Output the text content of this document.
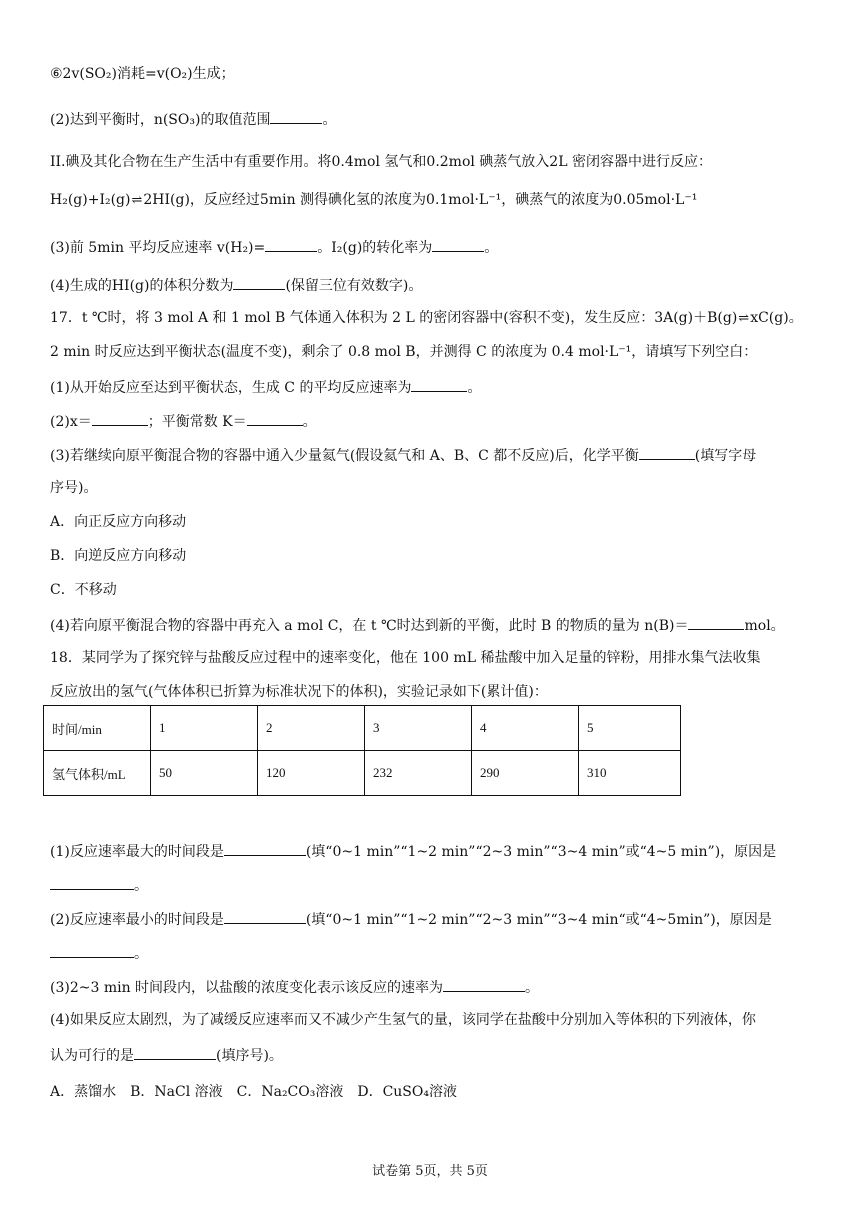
⑥2v(SO₂)消耗=v(O₂)生成；
(2)达到平衡时，n(SO₃)的取值范围	。
II.碘及其化合物在生产生活中有重要作用。将0.4mol 氢气和0.2mol 碘蒸气放入2L 密闭容器中进行反应：
H₂(g)+I₂(g)⇌2HI(g)，反应经过5min 测得碘化氢的浓度为0.1mol·L⁻¹，碘蒸气的浓度为0.05mol·L⁻¹
(3)前 5min 平均反应速率 v(H₂)=	。I₂(g)的转化率为	。
(4)生成的HI(g)的体积分数为	(保留三位有效数字)。
17．t ℃时，将 3 mol A 和 1 mol B 气体通入体积为 2 L 的密闭容器中(容积不变)，发生反应：3A(g)＋B(g)⇌xC(g)。
2 min 时反应达到平衡状态(温度不变)，剩余了 0.8 mol B，并测得 C 的浓度为 0.4 mol·L⁻¹，请填写下列空白：
(1)从开始反应至达到平衡状态，生成 C 的平均反应速率为	。
(2)x＝	；平衡常数 K＝	。
(3)若继续向原平衡混合物的容器中通入少量氦气(假设氦气和 A、B、C 都不反应)后，化学平衡	(填写字母
序号)。
A．向正反应方向移动
B．向逆反应方向移动
C．不移动
(4)若向原平衡混合物的容器中再充入 a mol C，在 t ℃时达到新的平衡，此时 B 的物质的量为 n(B)＝	mol。
18．某同学为了探究锌与盐酸反应过程中的速率变化，他在 100 mL 稀盐酸中加入足量的锌粉，用排水集气法收集
反应放出的氢气(气体体积已折算为标准状况下的体积)，实验记录如下(累计值)：
时间/min	1	2	3	4	5
氢气体积/mL	50	120	232	290	310
(1)反应速率最大的时间段是	(填“0~1 min”“1~2 min”“2~3 min”“3~4 min”或“4~5 min”)，原因是
。
(2)反应速率最小的时间段是	(填“0~1 min”“1~2 min”“2~3 min”“3~4 min“或“4~5min”)，原因是
。
(3)2~3 min 时间段内，以盐酸的浓度变化表示该反应的速率为	。
(4)如果反应太剧烈，为了减缓反应速率而又不减少产生氢气的量，该同学在盐酸中分别加入等体积的下列液体，你
认为可行的是	(填序号)。
A．蒸馏水　B．NaCl 溶液　C．Na₂CO₃溶液　D．CuSO₄溶液
试卷第 5页，共 5页
